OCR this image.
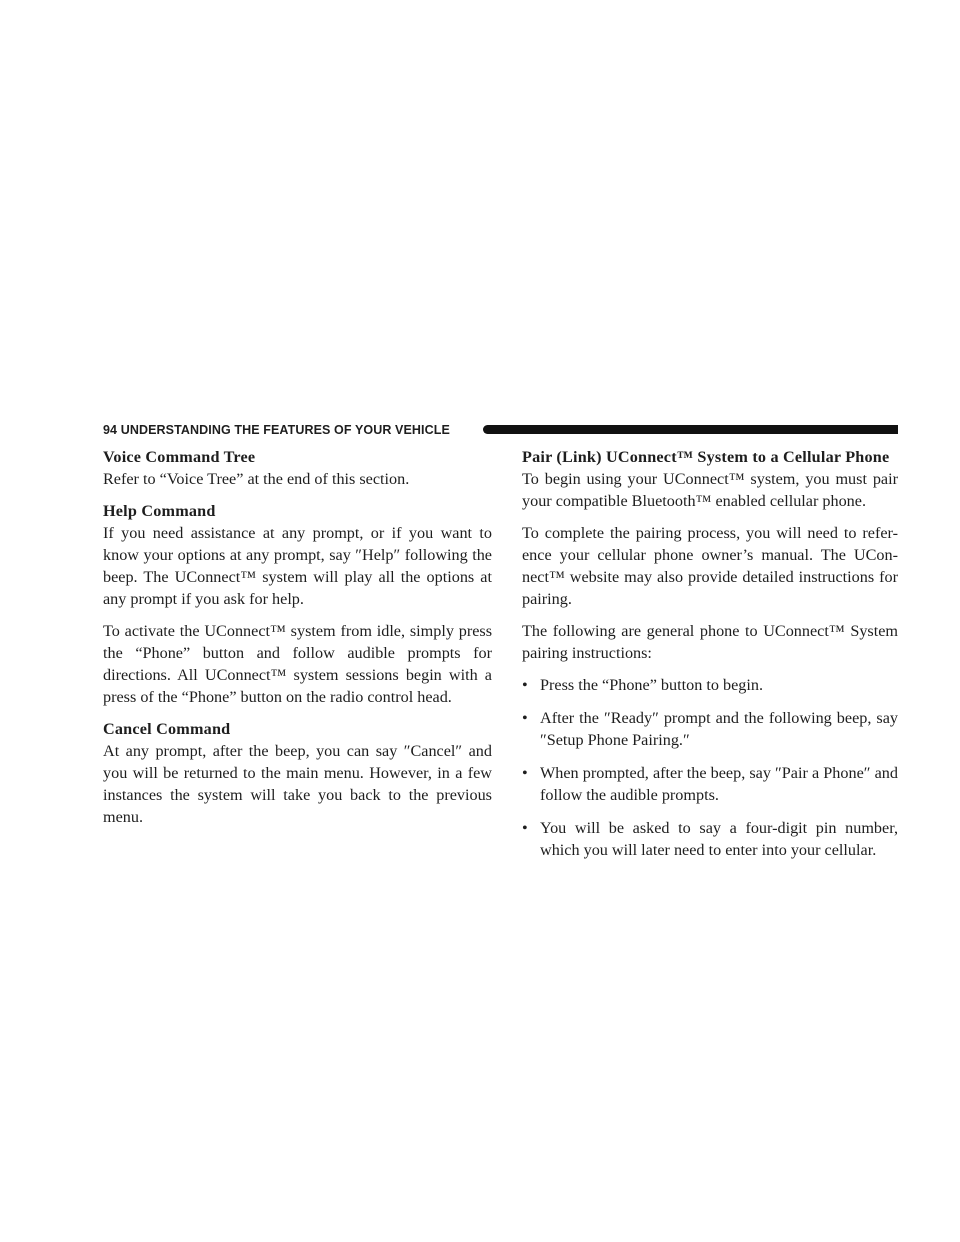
94 UNDERSTANDING THE FEATURES OF YOUR VEHICLE
Voice Command Tree

Refer to “Voice Tree” at the end of this section.

Help Command

If you need assistance at any prompt, or if you want to know your options at any prompt, say ″Help″ following the beep. The UConnect™ system will play all the options at any prompt if you ask for help.

To activate the UConnect™ system from idle, simply press the “Phone” button and follow audible prompts for directions. All UConnect™ system sessions begin with a press of the “Phone” button on the radio control head.

Cancel Command

At any prompt, after the beep, you can say ″Cancel″ and you will be returned to the main menu. However, in a few instances the system will take you back to the previous menu.

Pair (Link) UConnect™ System to a Cellular Phone

To begin using your UConnect™ system, you must pair your compatible Bluetooth™ enabled cellular phone.

To complete the pairing process, you will need to refer- ence your cellular phone owner’s manual. The UCon- nect™ website may also provide detailed instructions for pairing.

The following are general phone to UConnect™ System pairing instructions:

• Press the “Phone” button to begin.
• After the ″Ready″ prompt and the following beep, say ″Setup Phone Pairing.″
• When prompted, after the beep, say ″Pair a Phone″ and follow the audible prompts.
• You will be asked to say a four-digit pin number, which you will later need to enter into your cellular.
